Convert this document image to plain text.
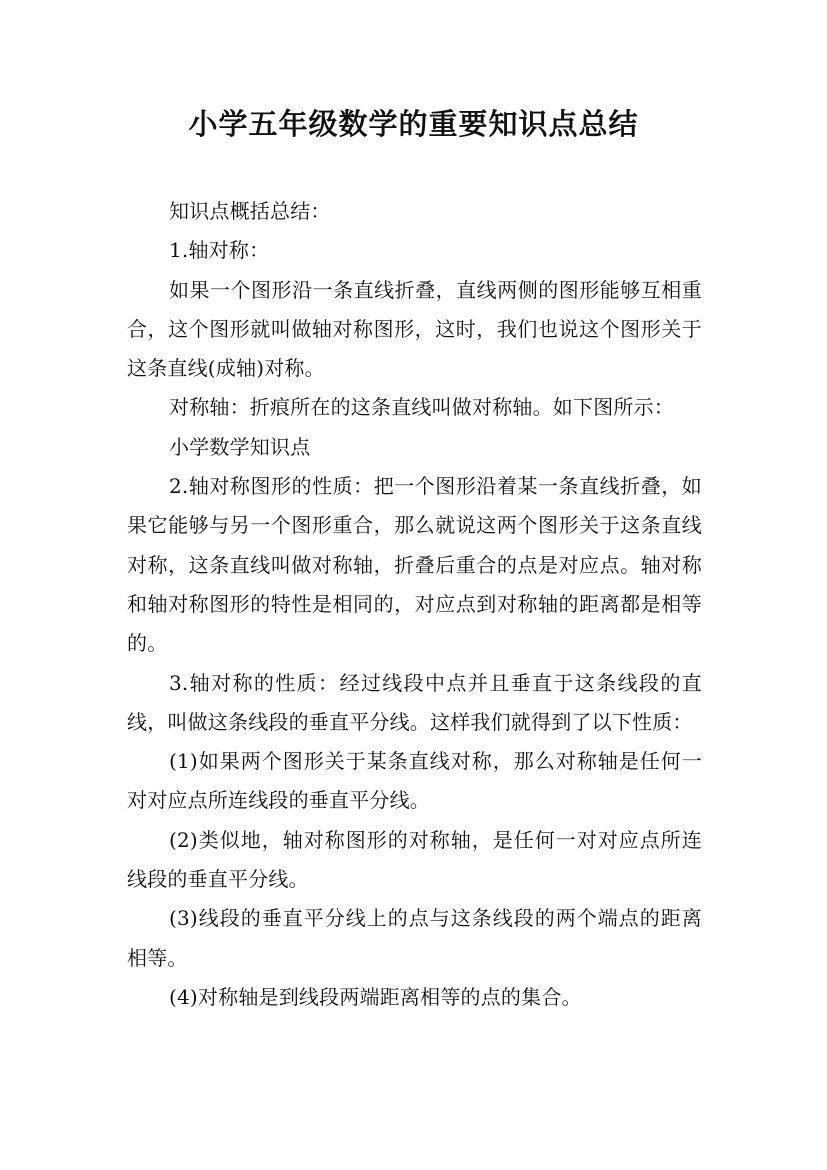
小学五年级数学的重要知识点总结

知识点概括总结：

1.轴对称：

如果一个图形沿一条直线折叠，直线两侧的图形能够互相重合，这个图形就叫做轴对称图形，这时，我们也说这个图形关于这条直线(成轴)对称。

对称轴：折痕所在的这条直线叫做对称轴。如下图所示：

小学数学知识点

2.轴对称图形的性质：把一个图形沿着某一条直线折叠，如果它能够与另一个图形重合，那么就说这两个图形关于这条直线对称，这条直线叫做对称轴，折叠后重合的点是对应点。轴对称和轴对称图形的特性是相同的，对应点到对称轴的距离都是相等的。

3.轴对称的性质：经过线段中点并且垂直于这条线段的直线，叫做这条线段的垂直平分线。这样我们就得到了以下性质：

(1)如果两个图形关于某条直线对称，那么对称轴是任何一对对应点所连线段的垂直平分线。

(2)类似地，轴对称图形的对称轴，是任何一对对应点所连线段的垂直平分线。

(3)线段的垂直平分线上的点与这条线段的两个端点的距离相等。

(4)对称轴是到线段两端距离相等的点的集合。
